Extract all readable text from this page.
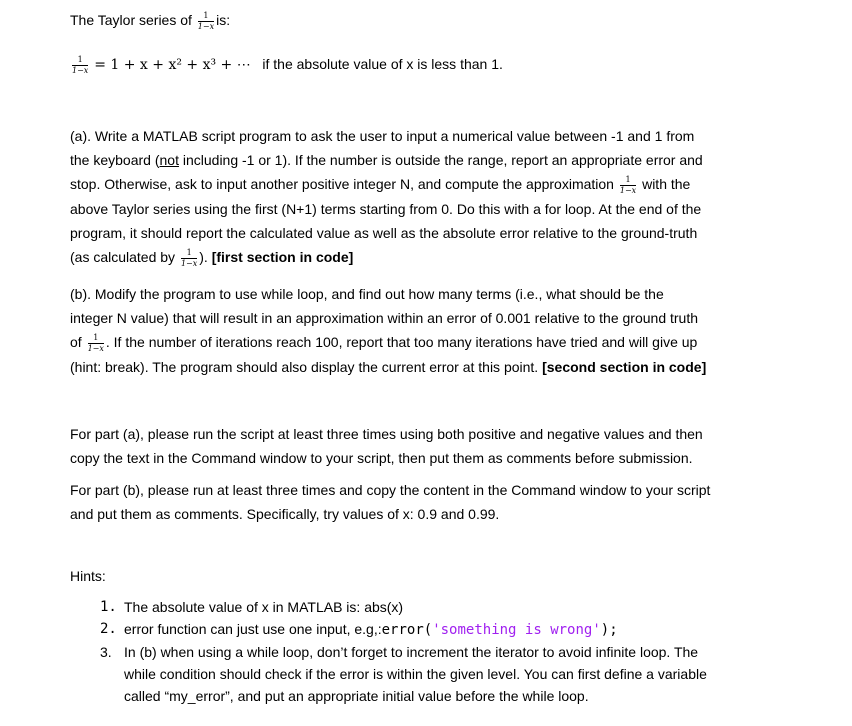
The Taylor series of $\frac{1}{1-x}$ is:
$\frac{1}{1-x} = 1 + x + x^2 + x^3$ + ⋯ if the absolute value of x is less than 1.
(a). Write a MATLAB script program to ask the user to input a numerical value between -1 and 1 from
the keyboard (not including -1 or 1). If the number is outside the range, report an appropriate error and
stop. Otherwise, ask to input another positive integer N, and compute the approximation $\frac{1}{1-x}$ with the
above Taylor series using the first (N+1) terms starting from 0. Do this with a for loop. At the end of the
program, it should report the calculated value as well as the absolute error relative to the ground-truth
(as calculated by $\frac{1}{1-x}$ ). [first section in code]
(b). Modify the program to use while loop, and find out how many terms (i.e., what should be the
integer N value) that will result in an approximation within an error of 0.001 relative to the ground truth
of $\frac{1}{1-x}$ . If the number of iterations reach 100, report that too many iterations have tried and will give up
(hint: break). The program should also display the current error at this point. [second section in code]
For part (a), please run the script at least three times using both positive and negative values and then
copy the text in the Command window to your script, then put them as comments before submission.
For part (b), please run at least three times and copy the content in the Command window to your script
and put them as comments. Specifically, try values of x: 0.9 and 0.99.
Hints:
1. The absolute value of x in MATLAB is: abs(x)
2. error function can just use one input, e.g,:error('something is wrong');
3. In (b) when using a while loop, don’t forget to increment the iterator to avoid infinite loop. The
while condition should check if the error is within the given level. You can first define a variable
called “my_error”, and put an appropriate initial value before the while loop.
